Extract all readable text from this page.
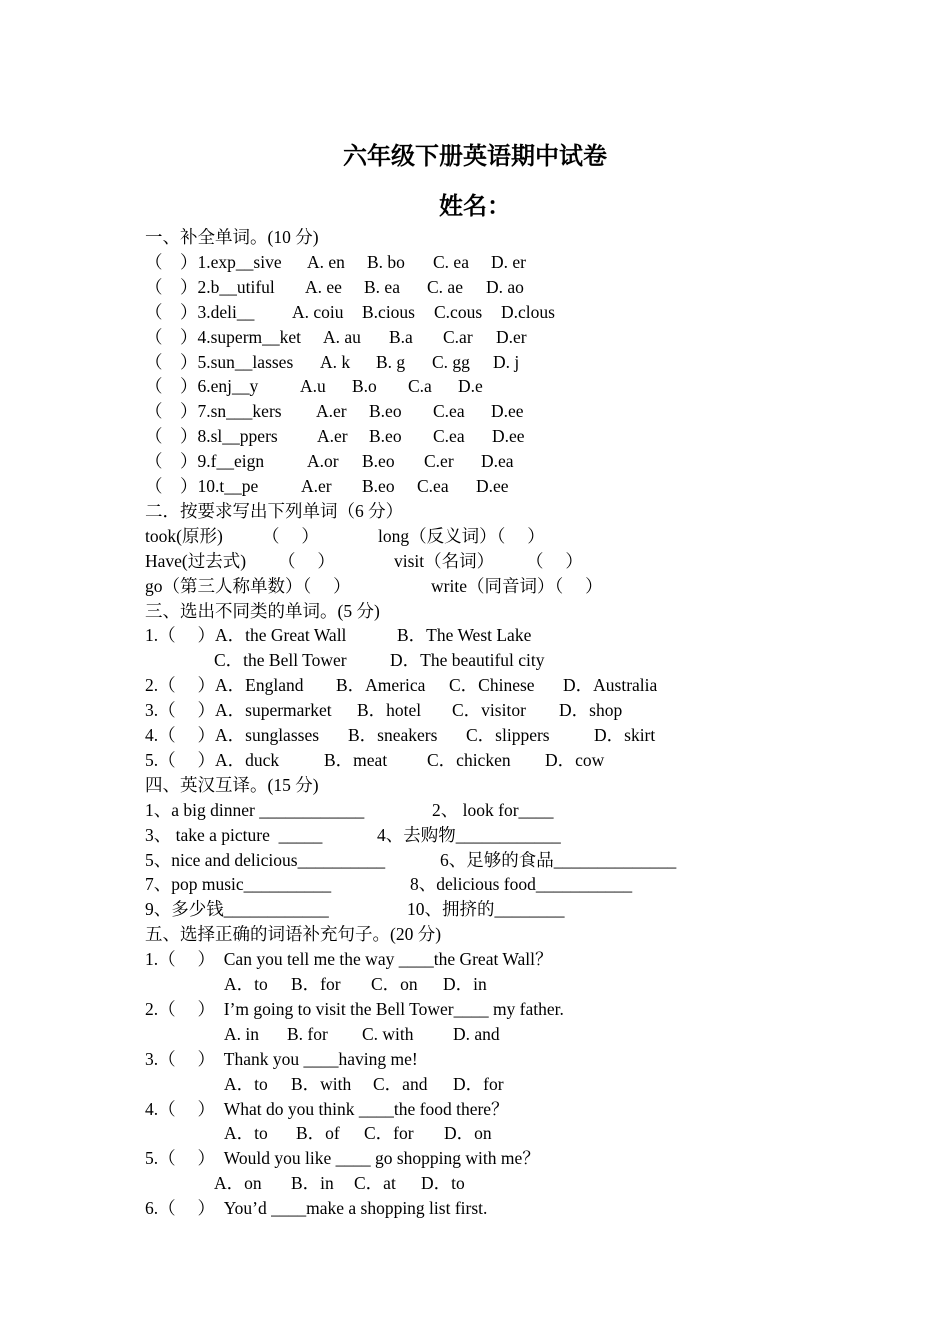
六年级下册英语期中试卷
姓名：
一、补全单词。(10 分)
（    ）1.exp__sive A. en B. bo C. ea D. er
（    ）2.b__utiful A. ee B. ea C. ae D. ao
（    ）3.deli__ A. coiu B.cious C.cous D.clous
（    ）4.superm__ket A. au B.a C.ar D.er
（    ）5.sun__lasses A. k B. g C. gg D. j
（    ）6.enj__y A.u B.o C.a D.e
（    ）7.sn___kers A.er B.eo C.ea D.ee
（    ）8.sl__ppers A.er B.eo C.ea D.ee
（    ）9.f__eign A.or B.eo C.er D.ea
（    ）10.t__pe A.er B.eo C.ea D.ee
二．按要求写出下列单词（6 分）
took(原形) （     ）	long（反义词）（     ）
Have(过去式) （     ）	visit（名词） （     ）
go（第三人称单数）（     ）	write（同音词）（     ）
三、选出不同类的单词。(5 分)
1.（     ）A．the Great Wall	B．The West Lake
C．the Bell Tower D．The beautiful city
2.（     ）A．England B．America C．Chinese D．Australia
3.（     ）A．supermarket B．hotel C．visitor D．shop
4.（     ）A．sunglasses B．sneakers C．slippers	D．skirt
5.（     ）A．duck	B．meat C．chicken D．cow
四、英汉互译。(15 分)
1、a big dinner ____________	2、 look for____
3、 take a picture  _____	4、去购物____________
5、nice and delicious__________	6、足够的食品______________
7、pop music__________	8、delicious food___________
9、多少钱____________	10、拥挤的________
五、选择正确的词语补充句子。(20 分)
1.（     ）  Can you tell me the way ____the Great Wall？
A．to B．for C．on D．in
2.（     ）  I’m going to visit the Bell Tower____ my father.
A. in B. for C. with D. and
3.（     ）  Thank you ____having me!
A．to B．with C．and D．for
4.（     ）  What do you think ____the food there？
A．to B．of C．for D．on
5.（     ）  Would you like ____ go shopping with me？
A．on B．in C．at D．to
6.（     ）  You’d ____make a shopping list first.
